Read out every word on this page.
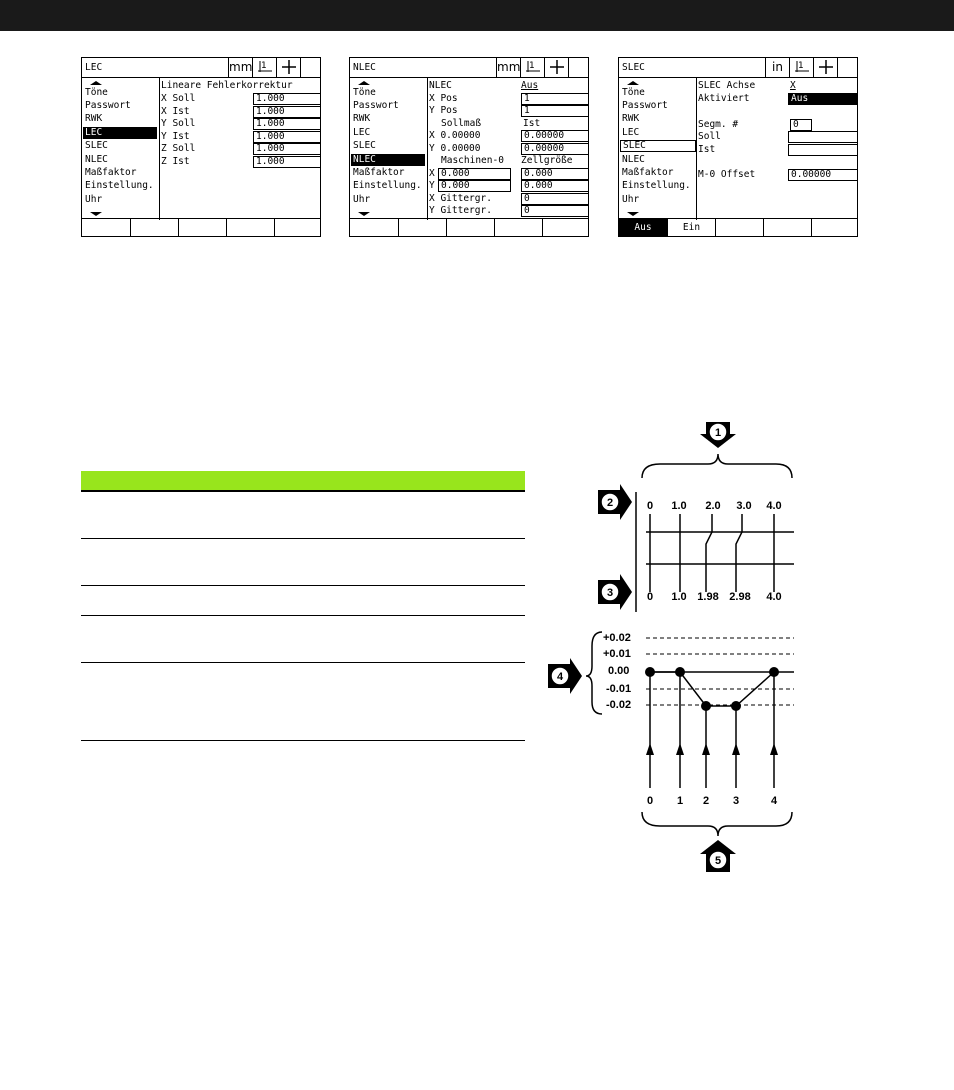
LEC	mm 1
Töne
Passwort
RWK
LEC
SLEC
NLEC
Maßfaktor
Einstellung.
Uhr
Lineare Fehlerkorrektur
X Soll	1.000
X Ist	1.000
Y Soll	1.000
Y Ist	1.000
Z Soll	1.000
Z Ist	1.000
NLEC	mm 1
Töne
Passwort
RWK
LEC
SLEC
NLEC
Maßfaktor
Einstellung.
Uhr
NLEC	Aus
X Pos	1
Y Pos	1
Sollmaß	Ist
X 0.00000	0.00000
Y 0.00000	0.00000
Maschinen-0 Zellgröße
X 0.000	0.000
Y 0.000	0.000
X Gittergr.	0
Y Gittergr.	0
SLEC	in	1
Töne
Passwort
RWK
LEC
SLEC
NLEC
Maßfaktor
Einstellung.
Uhr
SLEC Achse	X
Aktiviert	Aus
Segm. #	0
Soll
Ist
M-0 Offset	0.00000
Aus	Ein
1
2
3
0 1.0 2.0 3.0 4.0
0 1.0 1.98 2.98 4.0
4
+0.02
+0.01
0.00
-0.01
-0.02
0 1 2 3	4
5
